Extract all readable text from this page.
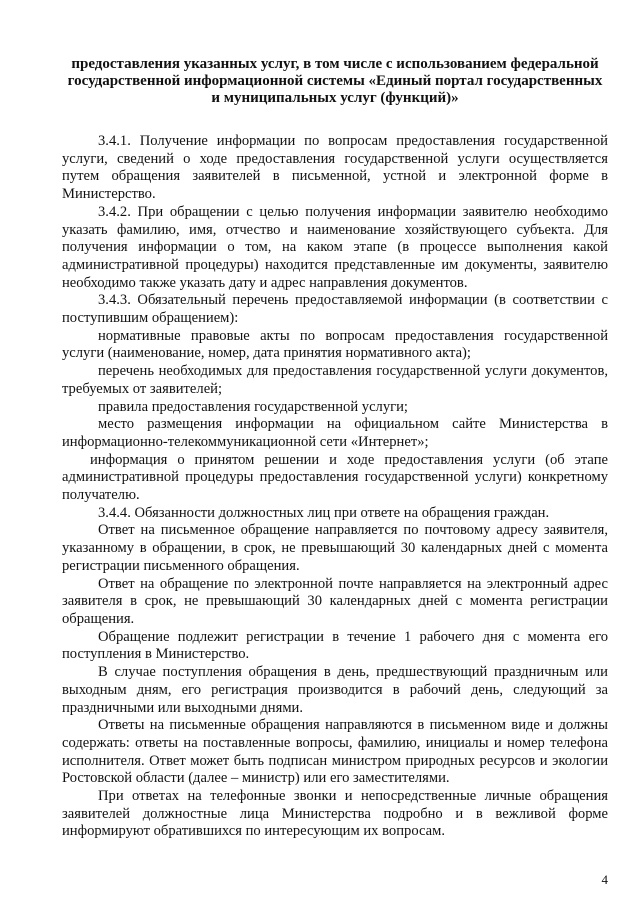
предоставления указанных услуг, в том числе с использованием федеральной
государственной информационной системы «Единый портал государственных
и муниципальных услуг (функций)»

3.4.1. Получение информации по вопросам предоставления государственной услуги, сведений о ходе предоставления государственной услуги осуществляется путем обращения заявителей в письменной, устной и электронной форме в Министерство.

3.4.2. При обращении с целью получения информации заявителю необходимо указать фамилию, имя, отчество и наименование хозяйствующего субъекта. Для получения информации о том, на каком этапе (в процессе выполнения какой административной процедуры) находится представленные им документы, заявителю необходимо также указать дату и адрес направления документов.

3.4.3. Обязательный перечень предоставляемой информации (в соответствии с поступившим обращением):

нормативные правовые акты по вопросам предоставления государственной услуги (наименование, номер, дата принятия нормативного акта);

перечень необходимых для предоставления государственной услуги документов, требуемых от заявителей;

правила предоставления государственной услуги;

место размещения информации на официальном сайте Министерства в информационно-телекоммуникационной сети «Интернет»;

информация о принятом решении и ходе предоставления услуги (об этапе административной процедуры предоставления государственной услуги) конкретному получателю.

3.4.4. Обязанности должностных лиц при ответе на обращения граждан.

Ответ на письменное обращение направляется по почтовому адресу заявителя, указанному в обращении, в срок, не превышающий 30 календарных дней с момента регистрации письменного обращения.

Ответ на обращение по электронной почте направляется на электронный адрес заявителя в срок, не превышающий 30 календарных дней с момента регистрации обращения.

Обращение подлежит регистрации в течение 1 рабочего дня с момента его поступления в Министерство.

В случае поступления обращения в день, предшествующий праздничным или выходным дням, его регистрация производится в рабочий день, следующий за праздничными или выходными днями.

Ответы на письменные обращения направляются в письменном виде и должны содержать: ответы на поставленные вопросы, фамилию, инициалы и номер телефона исполнителя. Ответ может быть подписан министром природных ресурсов и экологии Ростовской области (далее – министр) или его заместителями.

При ответах на телефонные звонки и непосредственные личные обращения заявителей должностные лица Министерства подробно и в вежливой форме информируют обратившихся по интересующим их вопросам.

4
